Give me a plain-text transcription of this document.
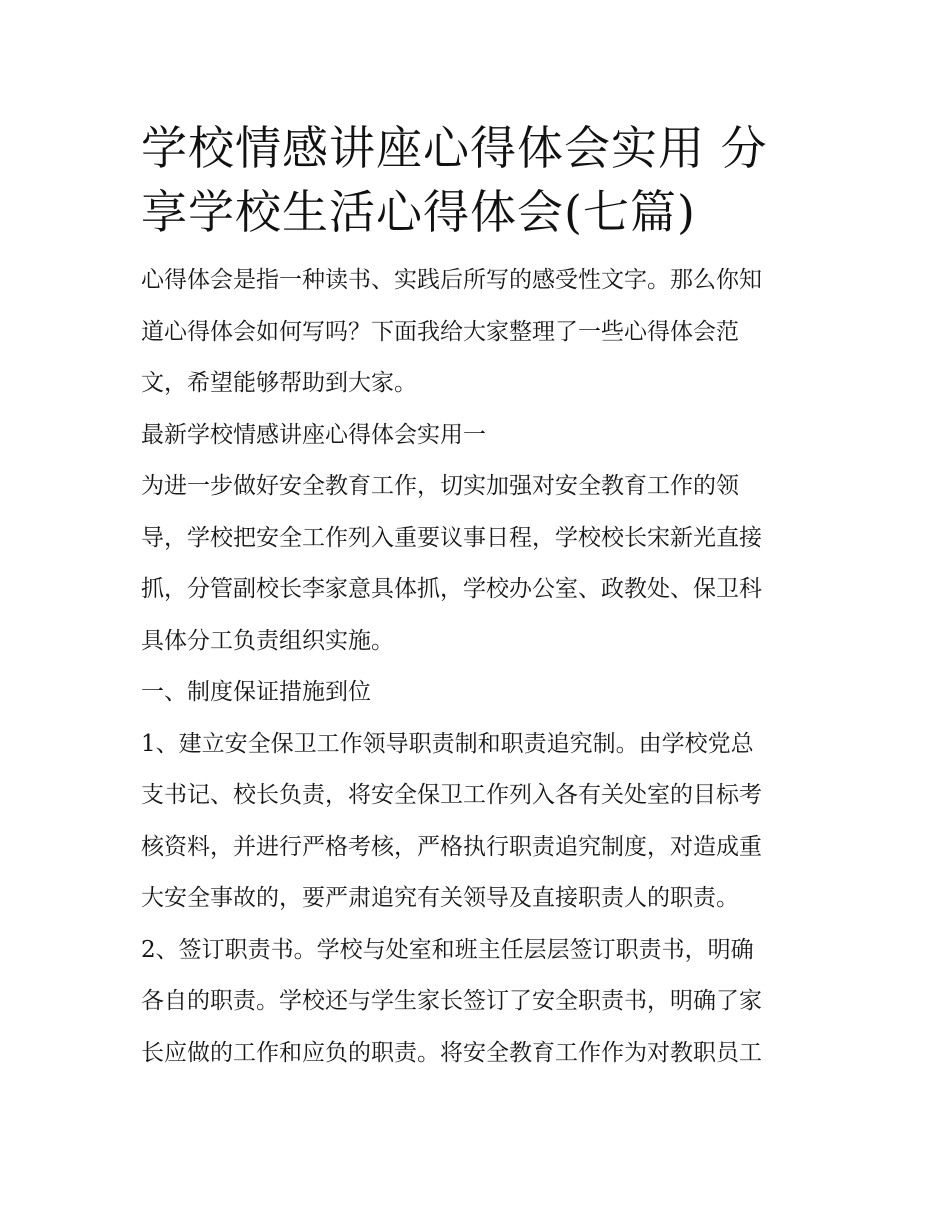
学校情感讲座心得体会实用 分
享学校生活心得体会(七篇)
心得体会是指一种读书、实践后所写的感受性文字。那么你知
道心得体会如何写吗？下面我给大家整理了一些心得体会范
文，希望能够帮助到大家。
最新学校情感讲座心得体会实用一
为进一步做好安全教育工作，切实加强对安全教育工作的领
导，学校把安全工作列入重要议事日程，学校校长宋新光直接
抓，分管副校长李家意具体抓，学校办公室、政教处、保卫科
具体分工负责组织实施。
一、制度保证措施到位
1、建立安全保卫工作领导职责制和职责追究制。由学校党总
支书记、校长负责，将安全保卫工作列入各有关处室的目标考
核资料，并进行严格考核，严格执行职责追究制度，对造成重
大安全事故的，要严肃追究有关领导及直接职责人的职责。
2、签订职责书。学校与处室和班主任层层签订职责书，明确
各自的职责。学校还与学生家长签订了安全职责书，明确了家
长应做的工作和应负的职责。将安全教育工作作为对教职员工
